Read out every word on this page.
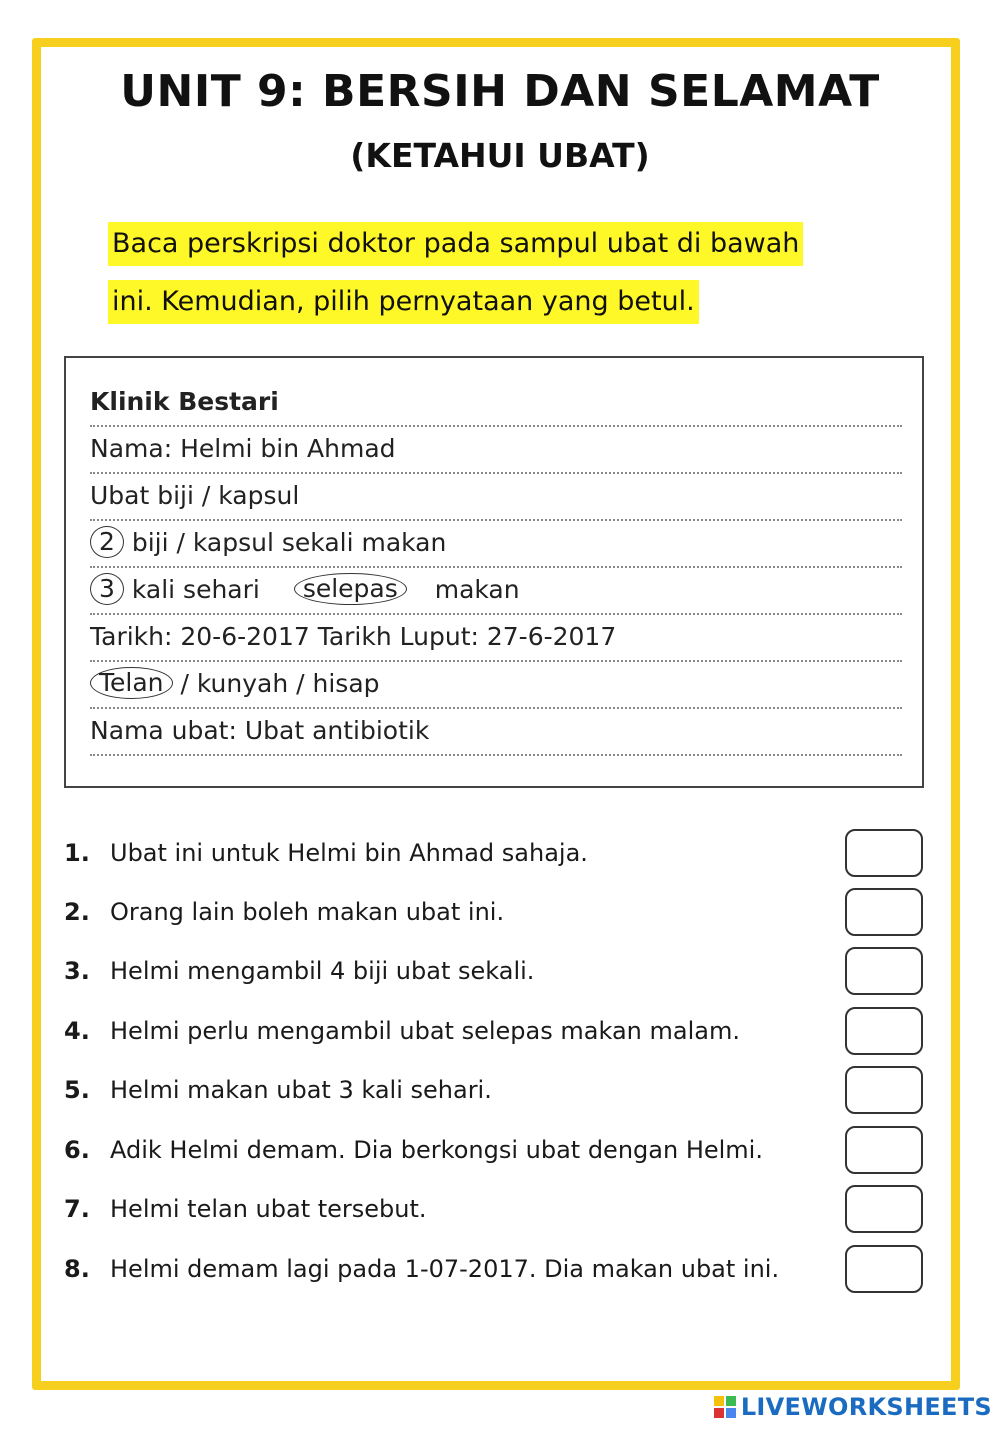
UNIT 9: BERSIH DAN SELAMAT
(KETAHUI UBAT)
Baca perskripsi doktor pada sampul ubat di bawah
ini. Kemudian, pilih pernyataan yang betul.
Klinik Bestari
Nama: Helmi bin Ahmad
Ubat biji / kapsul
2 biji / kapsul sekali makan
3 kali sehari selepas makan
Tarikh: 20-6-2017 Tarikh Luput: 27-6-2017
Telan / kunyah / hisap
Nama ubat: Ubat antibiotik
1. Ubat ini untuk Helmi bin Ahmad sahaja.
2. Orang lain boleh makan ubat ini.
3. Helmi mengambil 4 biji ubat sekali.
4. Helmi perlu mengambil ubat selepas makan malam.
5. Helmi makan ubat 3 kali sehari.
6. Adik Helmi demam. Dia berkongsi ubat dengan Helmi.
7. Helmi telan ubat tersebut.
8. Helmi demam lagi pada 1-07-2017. Dia makan ubat ini.
LIVEWORKSHEETS
